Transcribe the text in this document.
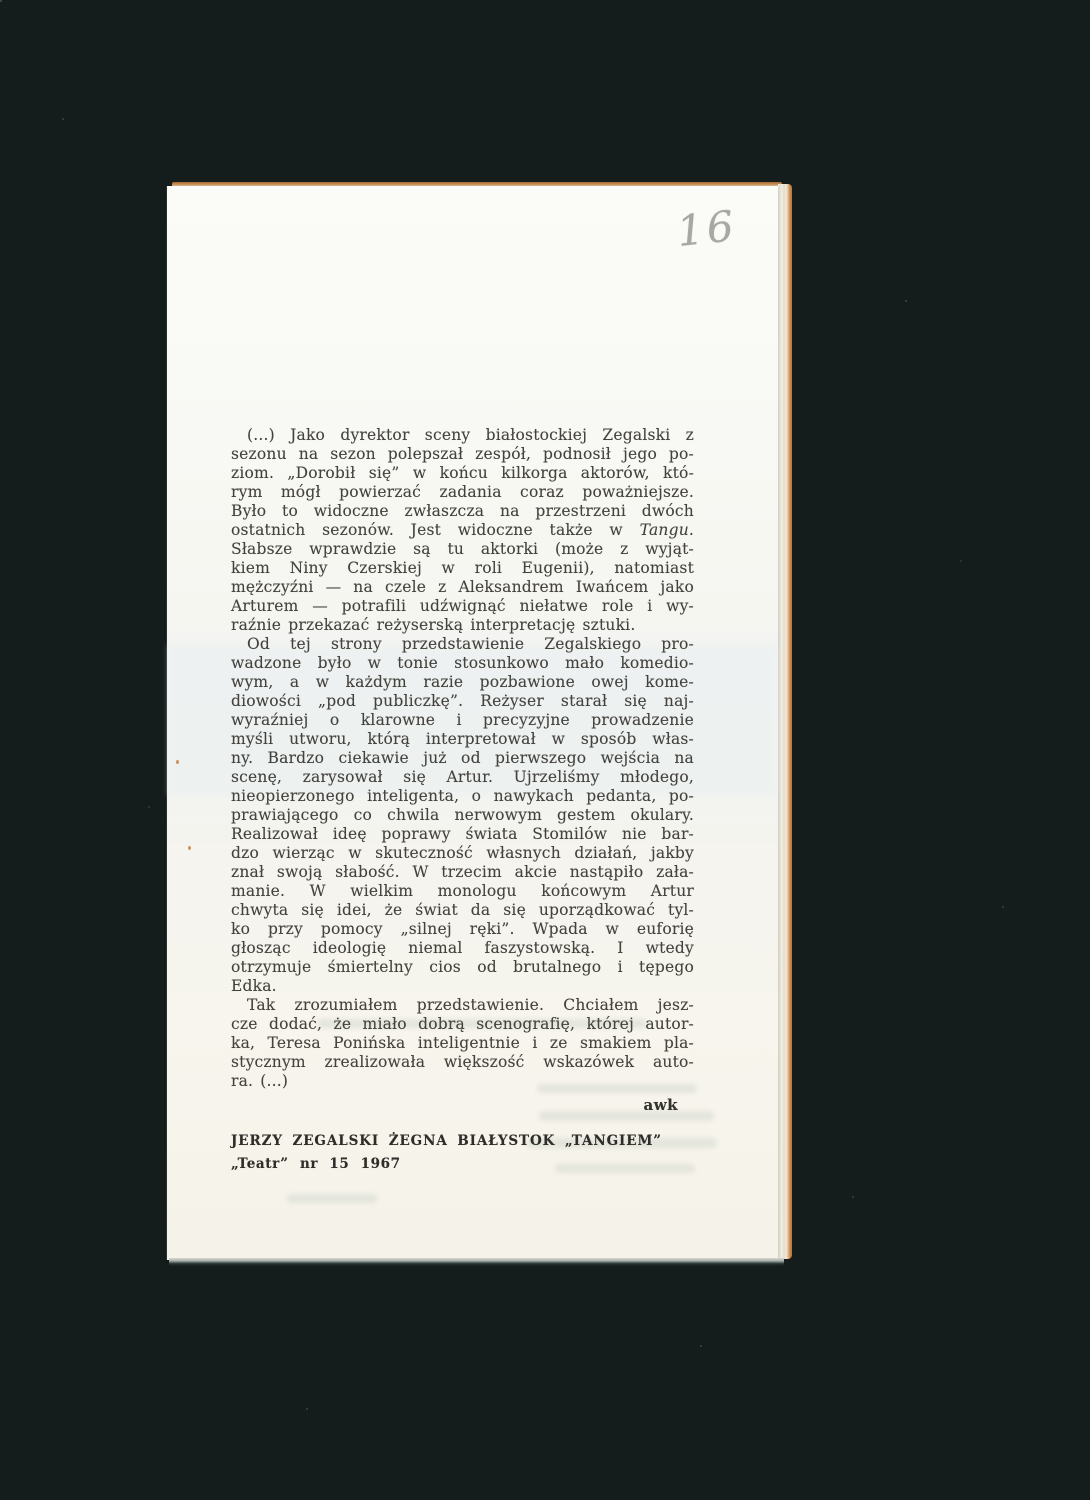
16
(...) Jako dyrektor sceny białostockiej Zegalski z
sezonu na sezon polepszał zespół, podnosił jego po-
ziom. „Dorobił się” w końcu kilkorga aktorów, któ-
rym mógł powierzać zadania coraz poważniejsze.
Było to widoczne zwłaszcza na przestrzeni dwóch
ostatnich sezonów. Jest widoczne także w Tangu.
Słabsze wprawdzie są tu aktorki (może z wyjąt-
kiem Niny Czerskiej w roli Eugenii), natomiast
mężczyźni — na czele z Aleksandrem Iwańcem jako
Arturem — potrafili udźwignąć niełatwe role i wy-
raźnie przekazać reżyserską interpretację sztuki.
Od tej strony przedstawienie Zegalskiego pro-
wadzone było w tonie stosunkowo mało komedio-
wym, a w każdym razie pozbawione owej kome-
diowości „pod publiczkę”. Reżyser starał się naj-
wyraźniej o klarowne i precyzyjne prowadzenie
myśli utworu, którą interpretował w sposób włas-
ny. Bardzo ciekawie już od pierwszego wejścia na
scenę, zarysował się Artur. Ujrzeliśmy młodego,
nieopierzonego inteligenta, o nawykach pedanta, po-
prawiającego co chwila nerwowym gestem okulary.
Realizował ideę poprawy świata Stomilów nie bar-
dzo wierząc w skuteczność własnych działań, jakby
znał swoją słabość. W trzecim akcie nastąpiło zała-
manie. W wielkim monologu końcowym Artur
chwyta się idei, że świat da się uporządkować tyl-
ko przy pomocy „silnej ręki”. Wpada w euforię
głosząc ideologię niemal faszystowską. I wtedy
otrzymuje śmiertelny cios od brutalnego i tępego
Edka.
Tak zrozumiałem przedstawienie. Chciałem jesz-
cze dodać, że miało dobrą scenografię, której autor-
ka, Teresa Ponińska inteligentnie i ze smakiem pla-
stycznym zrealizowała większość wskazówek auto-
ra. (...)
awk
JERZY ZEGALSKI ŻEGNA BIAŁYSTOK „TANGIEM”
„Teatr” nr 15 1967
